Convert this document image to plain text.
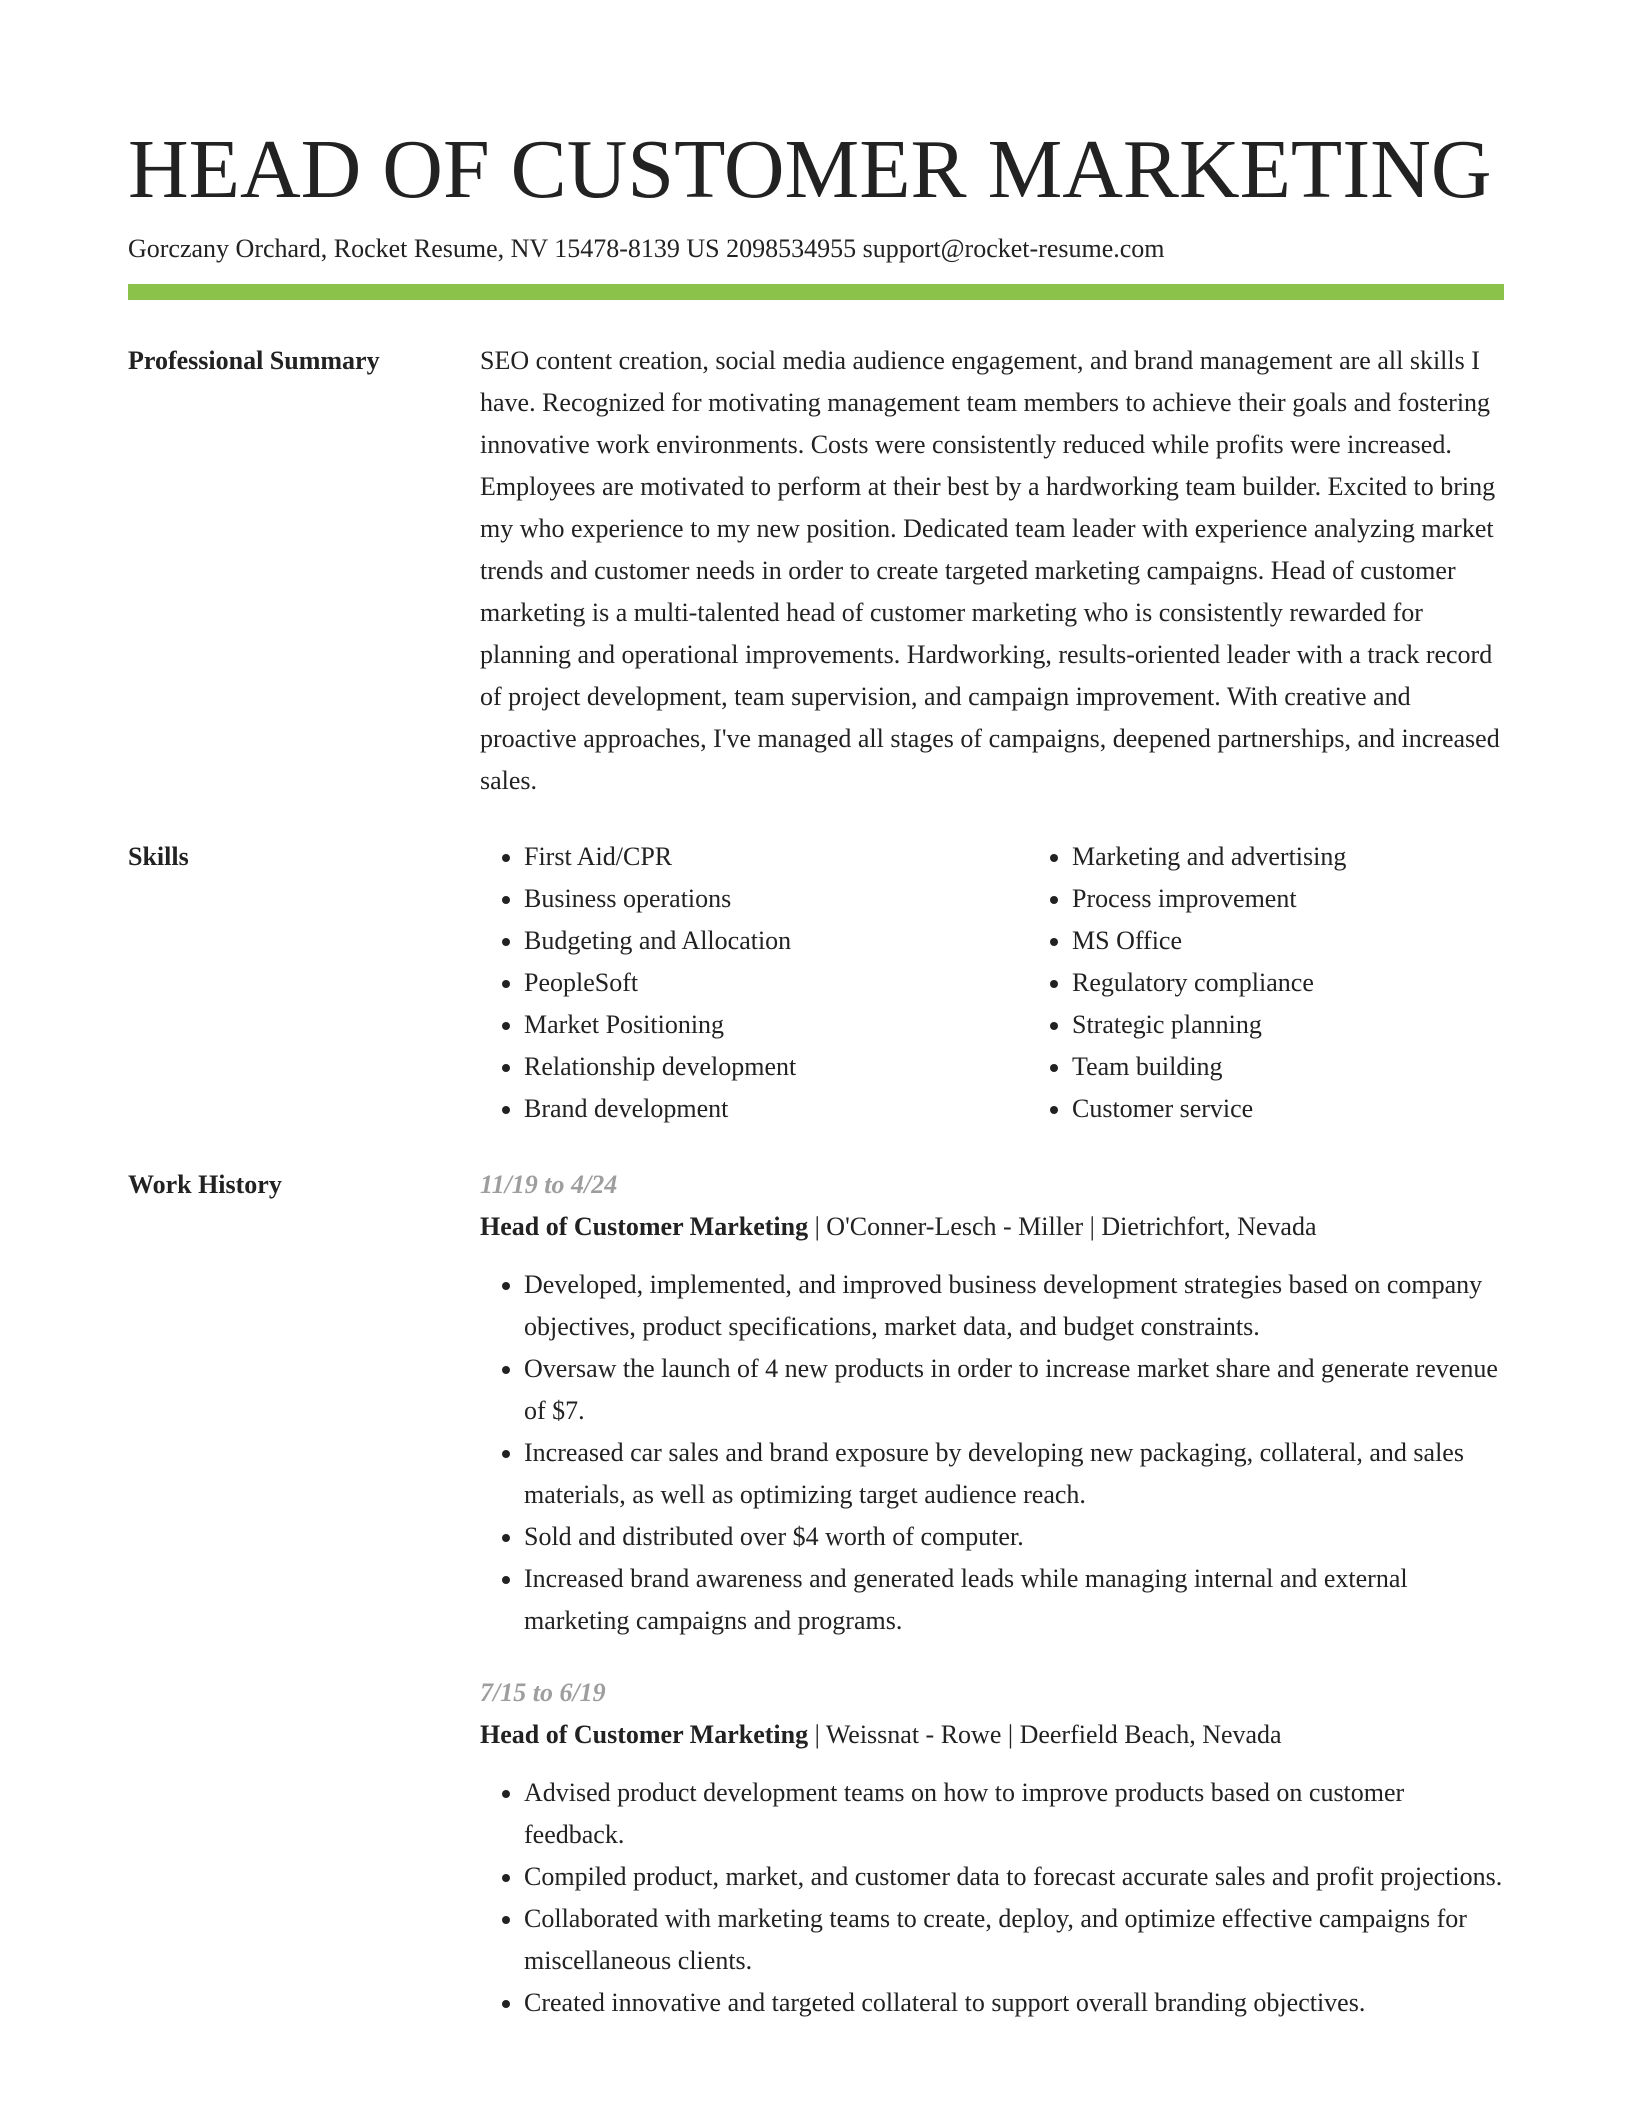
HEAD OF CUSTOMER MARKETING
Gorczany Orchard, Rocket Resume, NV 15478-8139 US 2098534955 support@rocket-resume.com
Professional Summary	SEO content creation, social media audience engagement, and brand management are all skills I have. Recognized for motivating management team members to achieve their goals and fostering innovative work environments. Costs were consistently reduced while profits were increased. Employees are motivated to perform at their best by a hardworking team builder. Excited to bring my who experience to my new position. Dedicated team leader with experience analyzing market trends and customer needs in order to create targeted marketing campaigns. Head of customer marketing is a multi-talented head of customer marketing who is consistently rewarded for planning and operational improvements. Hardworking, results-oriented leader with a track record of project development, team supervision, and campaign improvement. With creative and proactive approaches, I've managed all stages of campaigns, deepened partnerships, and increased sales.

Skills
•	First Aid/CPR
• Business operations
• Budgeting and Allocation
• PeopleSoft
• Market Positioning
• Relationship development
• Brand development
• Marketing and advertising
• Process improvement
• MS Office
• Regulatory compliance
• Strategic planning
• Team building
• Customer service
Work History	11/19 to 4/24
Head of Customer Marketing | O'Conner-Lesch - Miller | Dietrichfort, Nevada
• Developed, implemented, and improved business development strategies based on company objectives, product specifications, market data, and budget constraints.
• Oversaw the launch of 4 new products in order to increase market share and generate revenue of $7.
• Increased car sales and brand exposure by developing new packaging, collateral, and sales materials, as well as optimizing target audience reach.
• Sold and distributed over $4 worth of computer.
• Increased brand awareness and generated leads while managing internal and external marketing campaigns and programs.
7/15 to 6/19
Head of Customer Marketing | Weissnat - Rowe | Deerfield Beach, Nevada
• Advised product development teams on how to improve products based on customer feedback.
• Compiled product, market, and customer data to forecast accurate sales and profit projections.
• Collaborated with marketing teams to create, deploy, and optimize effective campaigns for miscellaneous clients.
• Created innovative and targeted collateral to support overall branding objectives.
